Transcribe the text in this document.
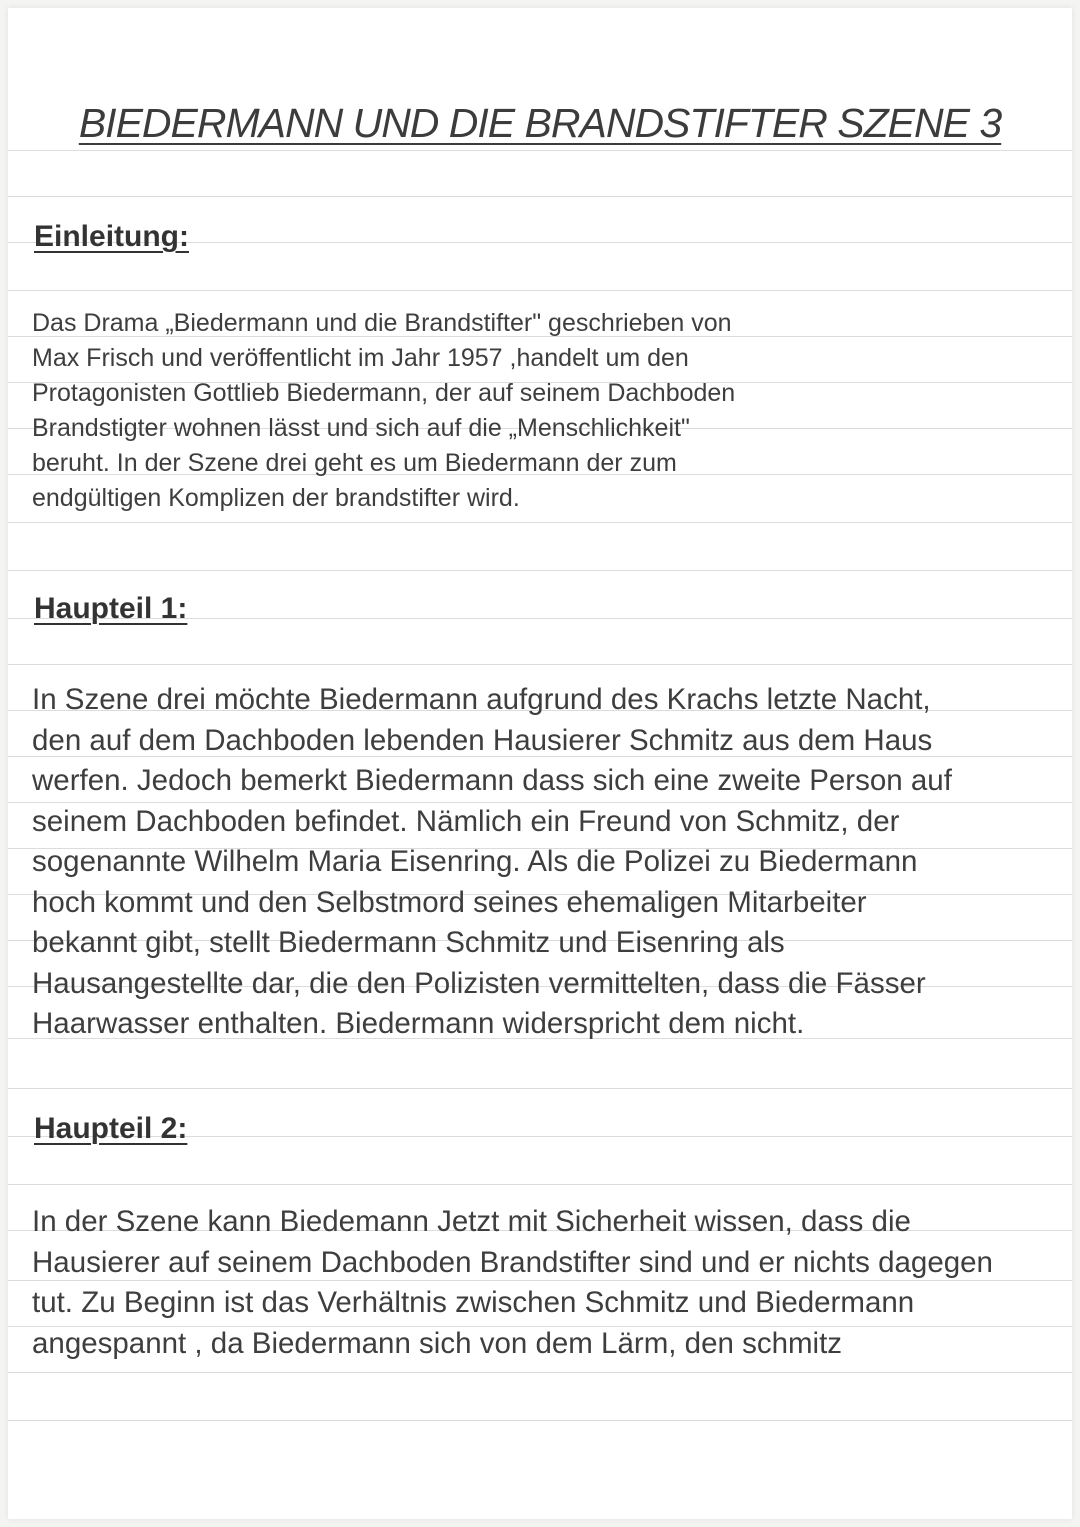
BIEDERMANN UND DIE BRANDSTIFTER SZENE 3
Einleitung:

Das Drama „Biedermann und die Brandstifter" geschrieben von
Max Frisch und veröffentlicht im Jahr 1957 ,handelt um den
Protagonisten Gottlieb Biedermann, der auf seinem Dachboden
Brandstigter wohnen lässt und sich auf die „Menschlichkeit"
beruht. In der Szene drei geht es um Biedermann der zum
endgültigen Komplizen der brandstifter wird.

Haupteil 1:

In Szene drei möchte Biedermann aufgrund des Krachs letzte Nacht,
den auf dem Dachboden lebenden Hausierer Schmitz aus dem Haus
werfen. Jedoch bemerkt Biedermann dass sich eine zweite Person auf
seinem Dachboden befindet. Nämlich ein Freund von Schmitz, der
sogenannte Wilhelm Maria Eisenring. Als die Polizei zu Biedermann
hoch kommt und den Selbstmord seines ehemaligen Mitarbeiter
bekannt gibt, stellt Biedermann Schmitz und Eisenring als
Hausangestellte dar, die den Polizisten vermittelten, dass die Fässer
Haarwasser enthalten. Biedermann widerspricht dem nicht.

Haupteil 2:

In der Szene kann Biedemann Jetzt mit Sicherheit wissen, dass die
Hausierer auf seinem Dachboden Brandstifter sind und er nichts dagegen
tut. Zu Beginn ist das Verhältnis zwischen Schmitz und Biedermann
angespannt , da Biedermann sich von dem Lärm, den schmitz
